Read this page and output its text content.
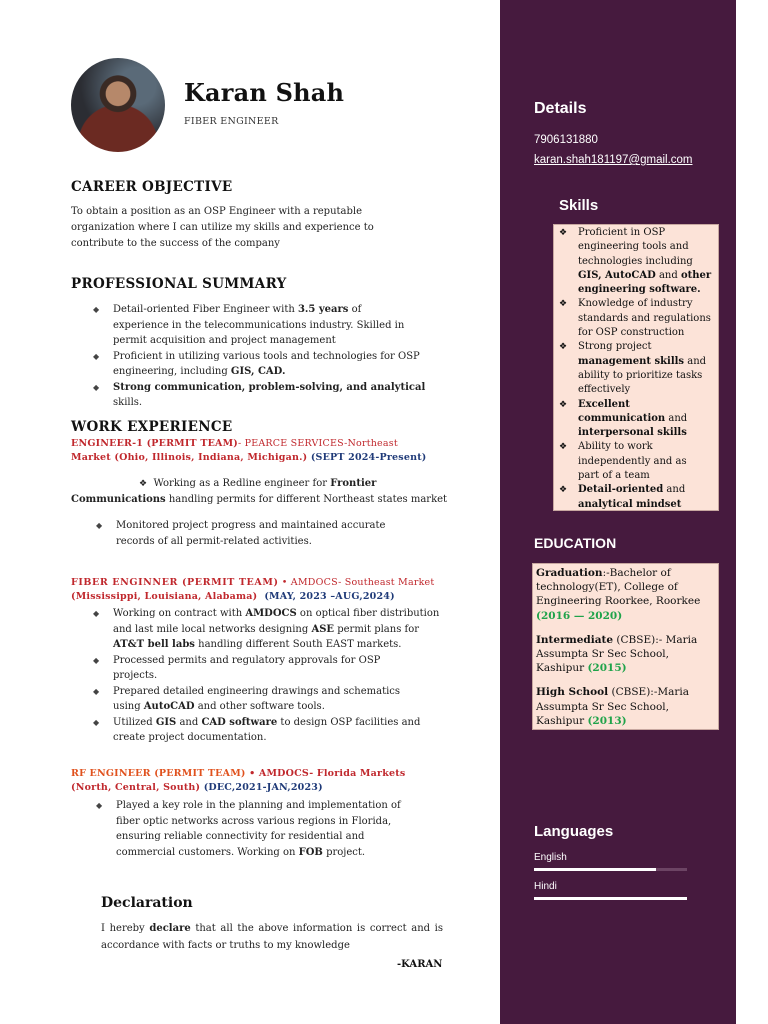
Karan Shah
FIBER ENGINEER
CAREER OBJECTIVE
To obtain a position as an OSP Engineer with a reputable
organization where I can utilize my skills and experience to
contribute to the success of the company
PROFESSIONAL SUMMARY
◆ Detail-oriented Fiber Engineer with 3.5 years of
experience in the telecommunications industry. Skilled in
permit acquisition and project management
◆ Proficient in utilizing various tools and technologies for OSP
engineering, including GIS, CAD.
◆ Strong communication, problem-solving, and analytical
skills.
WORK EXPERIENCE
ENGINEER-1 (PERMIT TEAM)- PEARCE SERVICES-Northeast
Market (Ohio, Illinois, Indiana, Michigan.) (SEPT 2024-Present)
❖ Working as a Redline engineer for Frontier
Communications handling permits for different Northeast states market
◆ Monitored project progress and maintained accurate
records of all permit-related activities.
FIBER ENGINNER (PERMIT TEAM) • AMDOCS- Southeast Market
(Mississippi, Louisiana, Alabama) (MAY, 2023 –AUG,2024)
◆ Working on contract with AMDOCS on optical fiber distribution
and last mile local networks designing ASE permit plans for
AT&T bell labs handling different South EAST markets.
◆ Processed permits and regulatory approvals for OSP
projects.
◆ Prepared detailed engineering drawings and schematics
using AutoCAD and other software tools.
◆ Utilized GIS and CAD software to design OSP facilities and
create project documentation.
RF ENGINEER (PERMIT TEAM) • AMDOCS- Florida Markets
(North, Central, South) (DEC,2021-JAN,2023)
◆ Played a key role in the planning and implementation of
fiber optic networks across various regions in Florida,
ensuring reliable connectivity for residential and
commercial customers. Working on FOB project.
Declaration
I hereby declare that all the above information is correct and is accordance with facts or truths to my knowledge
-KARAN
Details
7906131880
karan.shah181197@gmail.com
Skills
❖ Proficient in OSP
engineering tools and
technologies including
GIS, AutoCAD and other
engineering software.
❖ Knowledge of industry
standards and regulations
for OSP construction
❖ Strong project
management skills and
ability to prioritize tasks
effectively
❖ Excellent
communication and
interpersonal skills
❖ Ability to work
independently and as
part of a team
❖ Detail-oriented and
analytical mindset
EDUCATION
Graduation:-Bachelor of technology(ET), College of Engineering Roorkee, Roorkee (2016 — 2020)
Intermediate (CBSE):- Maria Assumpta Sr Sec School, Kashipur (2015)
High School (CBSE):-Maria Assumpta Sr Sec School, Kashipur (2013)
Languages
English
Hindi
